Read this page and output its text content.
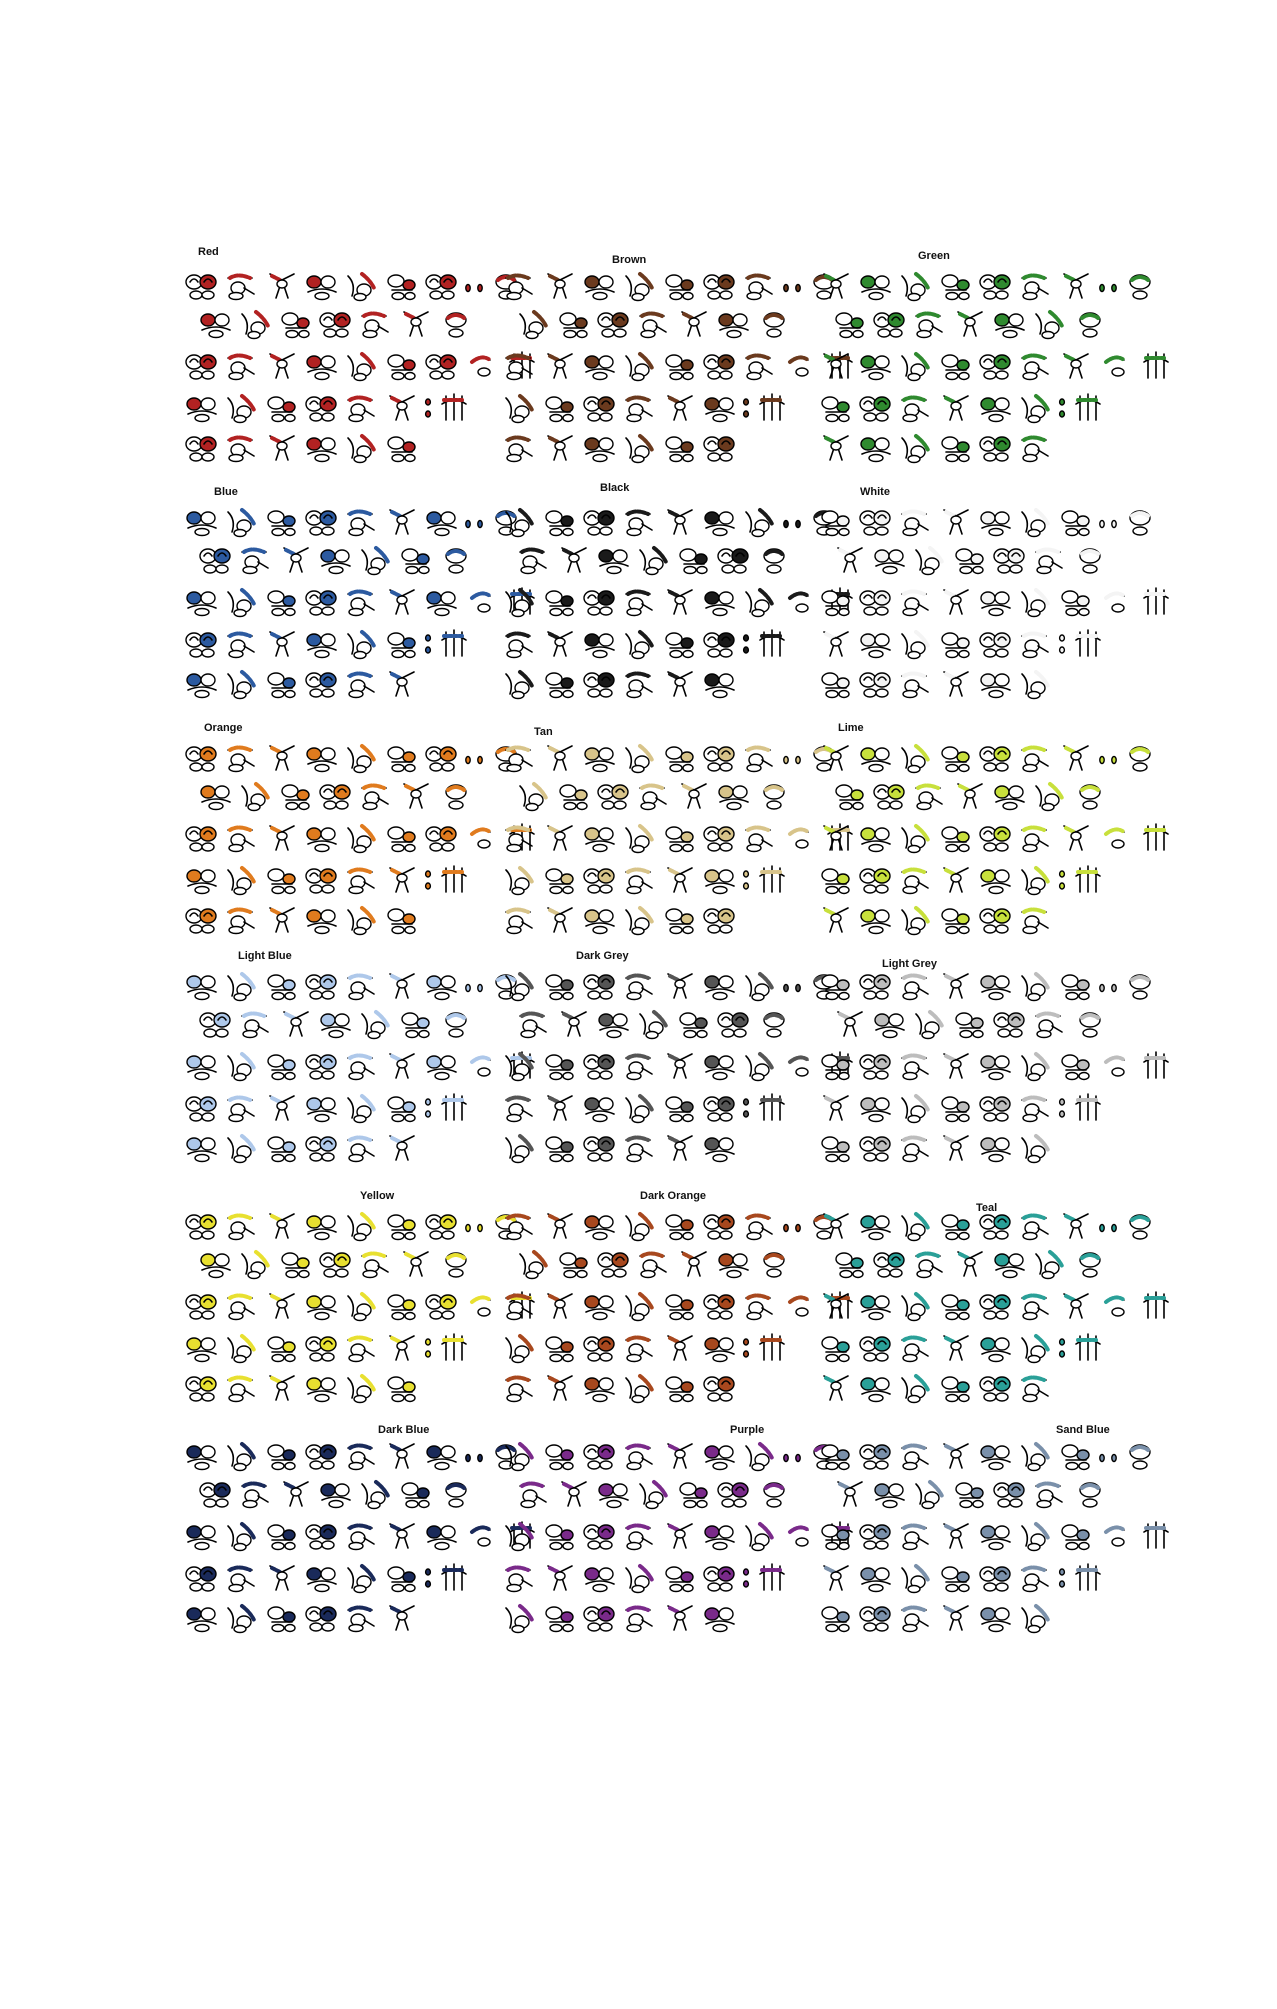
Red
Brown	Green
Blue	Black	White
Orange	Tan	Lime
Light Blue	Dark Grey
Light Grey
Yellow	Dark Orange
Teal
Dark Blue	Purple	Sand Blue
